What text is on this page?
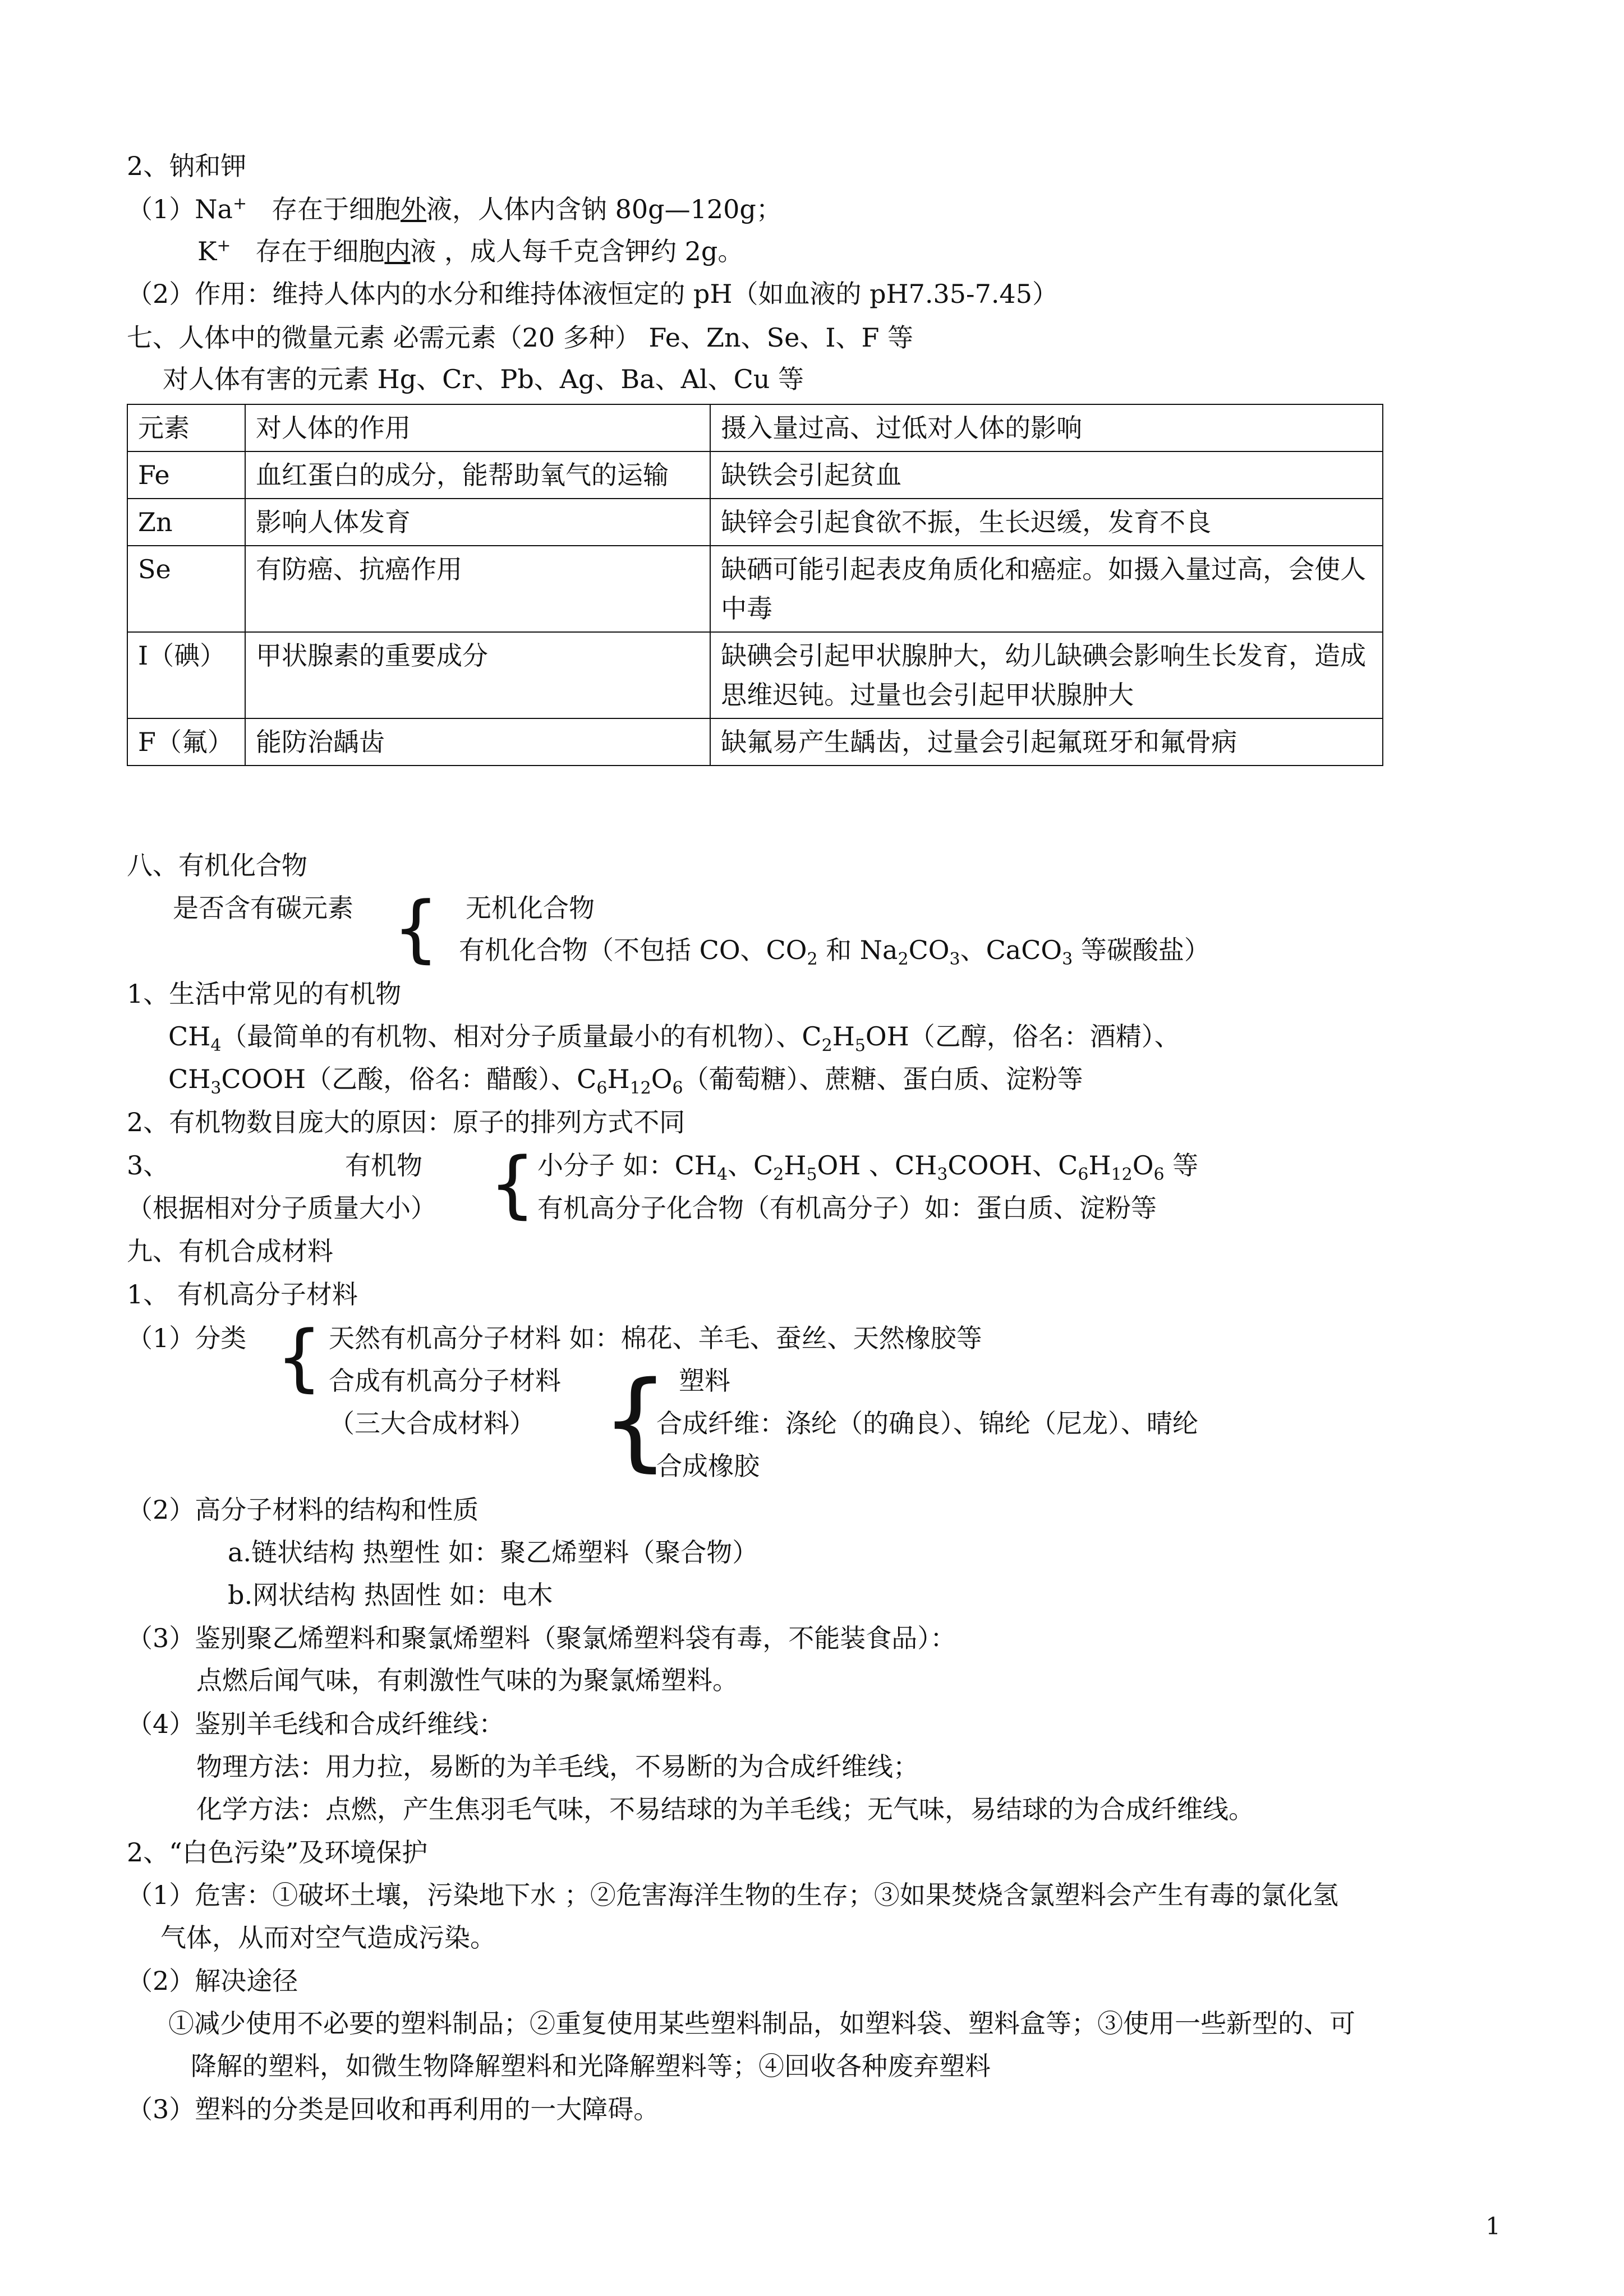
2、钠和钾
（1）Na+ 存在于细胞外液，人体内含钠 80g—120g；
K+ 存在于细胞内液 ，成人每千克含钾约 2g。
（2）作用：维持人体内的水分和维持体液恒定的 pH（如血液的 pH7.35-7.45）
七、人体中的微量元素 必需元素（20 多种） Fe、Zn、Se、I、F 等
对人体有害的元素 Hg、Cr、Pb、Ag、Ba、Al、Cu 等
元素	对人体的作用	摄入量过高、过低对人体的影响
Fe	血红蛋白的成分，能帮助氧气的运输	缺铁会引起贫血
Zn	影响人体发育	缺锌会引起食欲不振，生长迟缓，发育不良
Se	有防癌、抗癌作用	缺硒可能引起表皮角质化和癌症。如摄入量过高，会使人中毒
I（碘）	甲状腺素的重要成分	缺碘会引起甲状腺肿大，幼儿缺碘会影响生长发育，造成思维迟钝。过量也会引起甲状腺肿大
F（氟）	能防治龋齿	缺氟易产生龋齿，过量会引起氟斑牙和氟骨病
八、有机化合物
是否含有碳元素 { 无机化合物
有机化合物（不包括 CO、$CO_2$ 和 $Na_2CO_3$、CaCO$_3$ 等碳酸盐）
1、生活中常见的有机物
$CH_4$（最简单的有机物、相对分子质量最小的有机物）、$C_2H_5OH$（乙醇，俗名：酒精）、
$CH_3COOH$（乙酸，俗名：醋酸）、$C_6H_{12}O_6$（葡萄糖）、蔗糖、蛋白质、淀粉等
2、有机物数目庞大的原因：原子的排列方式不同
3、	有机物
（根据相对分子质量大小） { 小分子 如：$CH_4$、$C_2H_5OH$ 、$CH_3COOH$、$C_6H_{12}O_6$ 等
有机高分子化合物（有机高分子）如：蛋白质、淀粉等
九、有机合成材料
1、 有机高分子材料
（1）分类 { 天然有机高分子材料 如：棉花、羊毛、蚕丝、天然橡胶等
合成有机高分子材料
（三大合成材料） { 塑料
合成纤维：涤纶（的确良）、锦纶（尼龙）、晴纶
合成橡胶
（2）高分子材料的结构和性质
a.链状结构 热塑性 如：聚乙烯塑料（聚合物）
b.网状结构 热固性 如：电木
（3）鉴别聚乙烯塑料和聚氯烯塑料（聚氯烯塑料袋有毒，不能装食品）：
点燃后闻气味，有刺激性气味的为聚氯烯塑料。
（4）鉴别羊毛线和合成纤维线：
物理方法：用力拉，易断的为羊毛线，不易断的为合成纤维线；
化学方法：点燃，产生焦羽毛气味，不易结球的为羊毛线；无气味，易结球的为合成纤维线。
2、“白色污染”及环境保护
（1）危害：①破坏土壤，污染地下水 ；②危害海洋生物的生存；③如果焚烧含氯塑料会产生有毒的氯化氢
气体，从而对空气造成污染。
（2）解决途径
①减少使用不必要的塑料制品；②重复使用某些塑料制品，如塑料袋、塑料盒等；③使用一些新型的、可
降解的塑料，如微生物降解塑料和光降解塑料等；④回收各种废弃塑料
（3）塑料的分类是回收和再利用的一大障碍。
1
